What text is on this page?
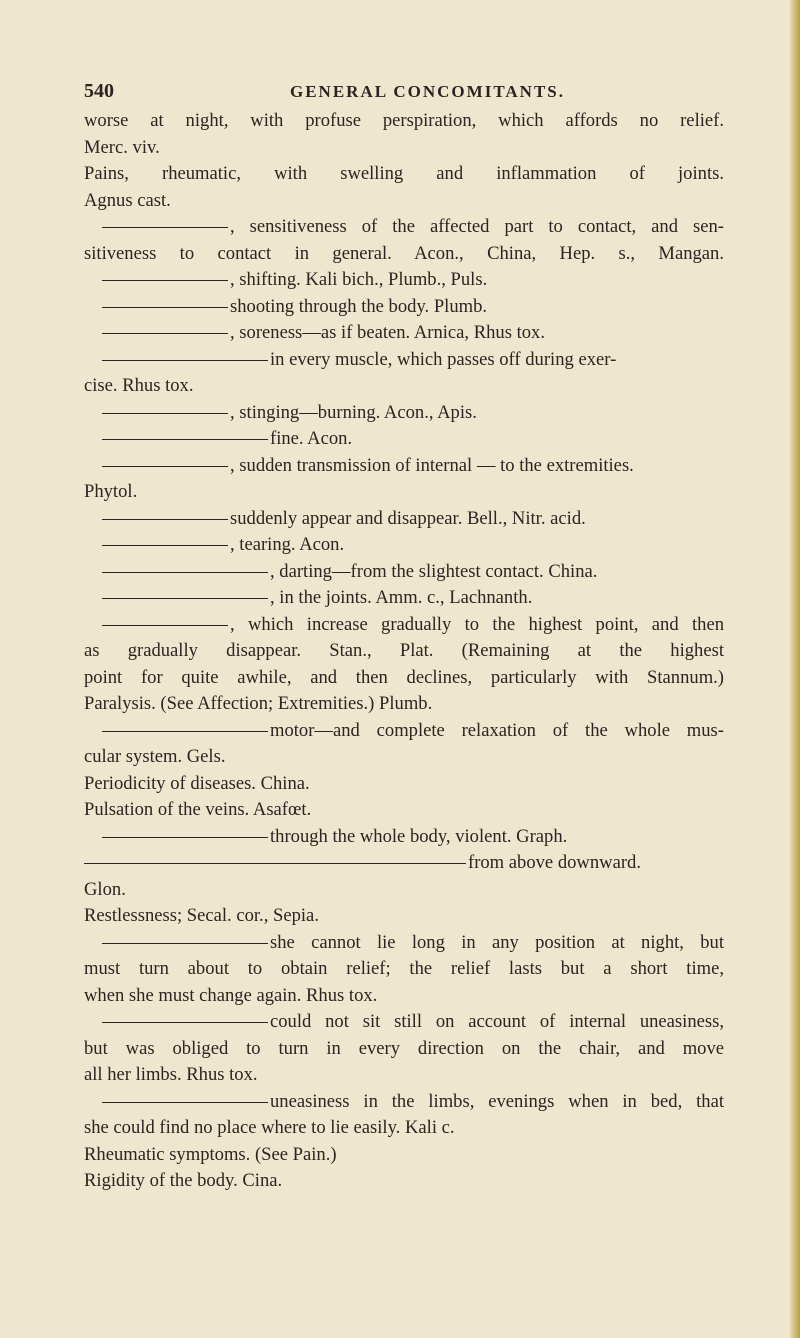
540	GENERAL CONCOMITANTS.

worse at night, with profuse perspiration, which affords no relief.

Merc. viv.

Pains, rheumatic, with swelling and inflammation of joints.

Agnus cast.

, sensitiveness of the affected part to contact, and sen-

sitiveness to contact in general. Acon., China, Hep. s., Mangan.

, shifting. Kali bich., Plumb., Puls.

shooting through the body. Plumb.

, soreness—as if beaten. Arnica, Rhus tox.

in every muscle, which passes off during exer-

cise. Rhus tox.

, stinging—burning. Acon., Apis.

fine. Acon.

, sudden transmission of internal — to the extremities.

Phytol.

suddenly appear and disappear. Bell., Nitr. acid.

, tearing. Acon.

, darting—from the slightest contact. China.

, in the joints. Amm. c., Lachnanth.

, which increase gradually to the highest point, and then

as gradually disappear. Stan., Plat. (Remaining at the highest

point for quite awhile, and then declines, particularly with Stannum.)

Paralysis. (See Affection; Extremities.) Plumb.

motor—and complete relaxation of the whole mus-

cular system. Gels.

Periodicity of diseases. China.

Pulsation of the veins. Asafœt.

through the whole body, violent. Graph.

from above downward.

Glon.

Restlessness; Secal. cor., Sepia.

she cannot lie long in any position at night, but

must turn about to obtain relief; the relief lasts but a short time,

when she must change again. Rhus tox.

could not sit still on account of internal uneasiness,

but was obliged to turn in every direction on the chair, and move

all her limbs. Rhus tox.

uneasiness in the limbs, evenings when in bed, that

she could find no place where to lie easily. Kali c.

Rheumatic symptoms. (See Pain.)

Rigidity of the body. Cina.
